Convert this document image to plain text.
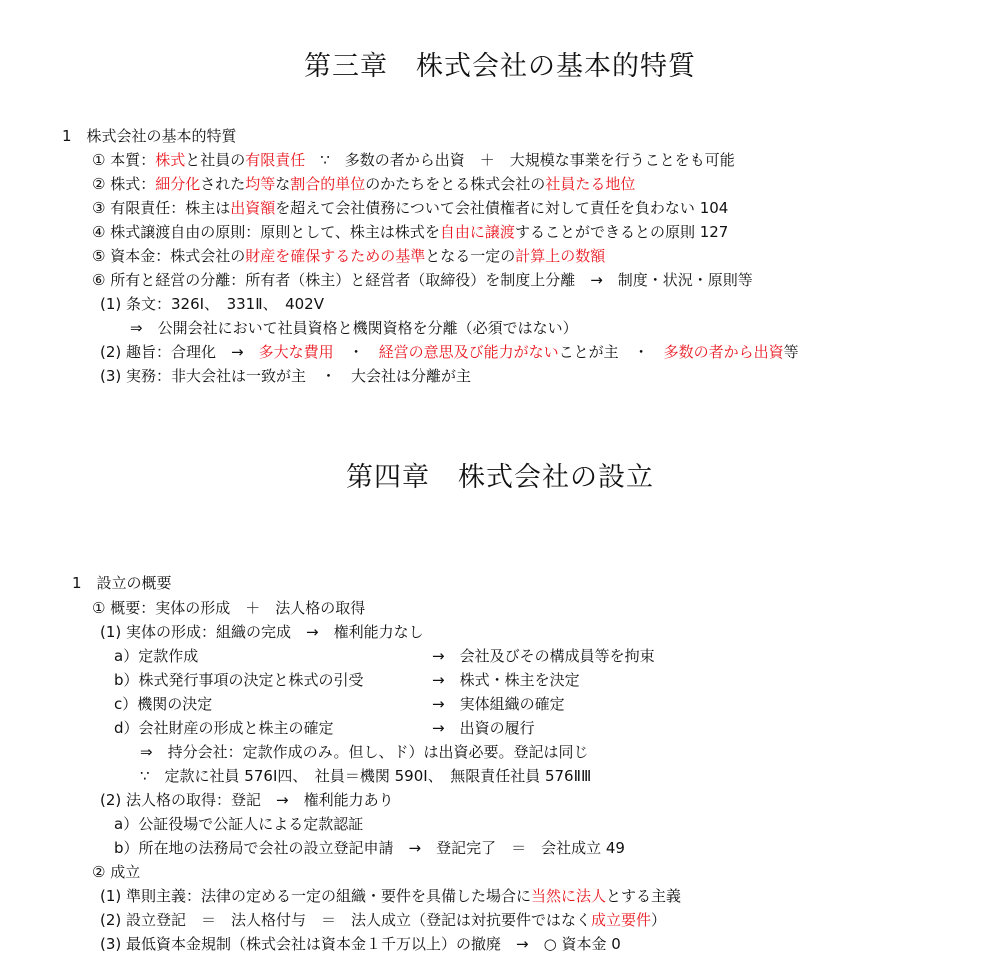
第三章　株式会社の基本的特質
1　株式会社の基本的特質
① 本質：株式と社員の有限責任　∵　多数の者から出資　＋　大規模な事業を行うことをも可能
② 株式：細分化された均等な割合的単位のかたちをとる株式会社の社員たる地位
③ 有限責任：株主は出資額を超えて会社債務について会社債権者に対して責任を負わない 104
④ 株式譲渡自由の原則：原則として、株主は株式を自由に譲渡することができるとの原則 127
⑤ 資本金：株式会社の財産を確保するための基準となる一定の計算上の数額
⑥ 所有と経営の分離：所有者（株主）と経営者（取締役）を制度上分離　→　制度・状況・原則等
(1) 条文：326Ⅰ、　331Ⅱ、　402Ⅴ
⇒　公開会社において社員資格と機関資格を分離（必須ではない）
(2) 趣旨：合理化　→　多大な費用　・　経営の意思及び能力がないことが主　・　多数の者から出資等
(3) 実務：非大会社は一致が主　・　大会社は分離が主
第四章　株式会社の設立
1　設立の概要
① 概要：実体の形成　＋　法人格の取得
(1) 実体の形成：組織の完成　→　権利能力なし
a）定款作成	→　会社及びその構成員等を拘束
b）株式発行事項の決定と株式の引受	→　株式・株主を決定
c）機関の決定	→　実体組織の確定
d）会社財産の形成と株主の確定	→　出資の履行
⇒　持分会社：定款作成のみ。但し、ド）は出資必要。登記は同じ
∵　定款に社員 576Ⅰ四、　社員＝機関 590Ⅰ、　無限責任社員 576ⅡⅢ
(2) 法人格の取得：登記　→　権利能力あり
a）公証役場で公証人による定款認証
b）所在地の法務局で会社の設立登記申請　→　登記完了　＝　会社成立 49
② 成立
(1) 準則主義：法律の定める一定の組織・要件を具備した場合に当然に法人とする主義
(2) 設立登記　＝　法人格付与　＝　法人成立（登記は対抗要件ではなく成立要件）
(3) 最低資本金規制（株式会社は資本金１千万以上）の撤廃　→　○ 資本金 0
